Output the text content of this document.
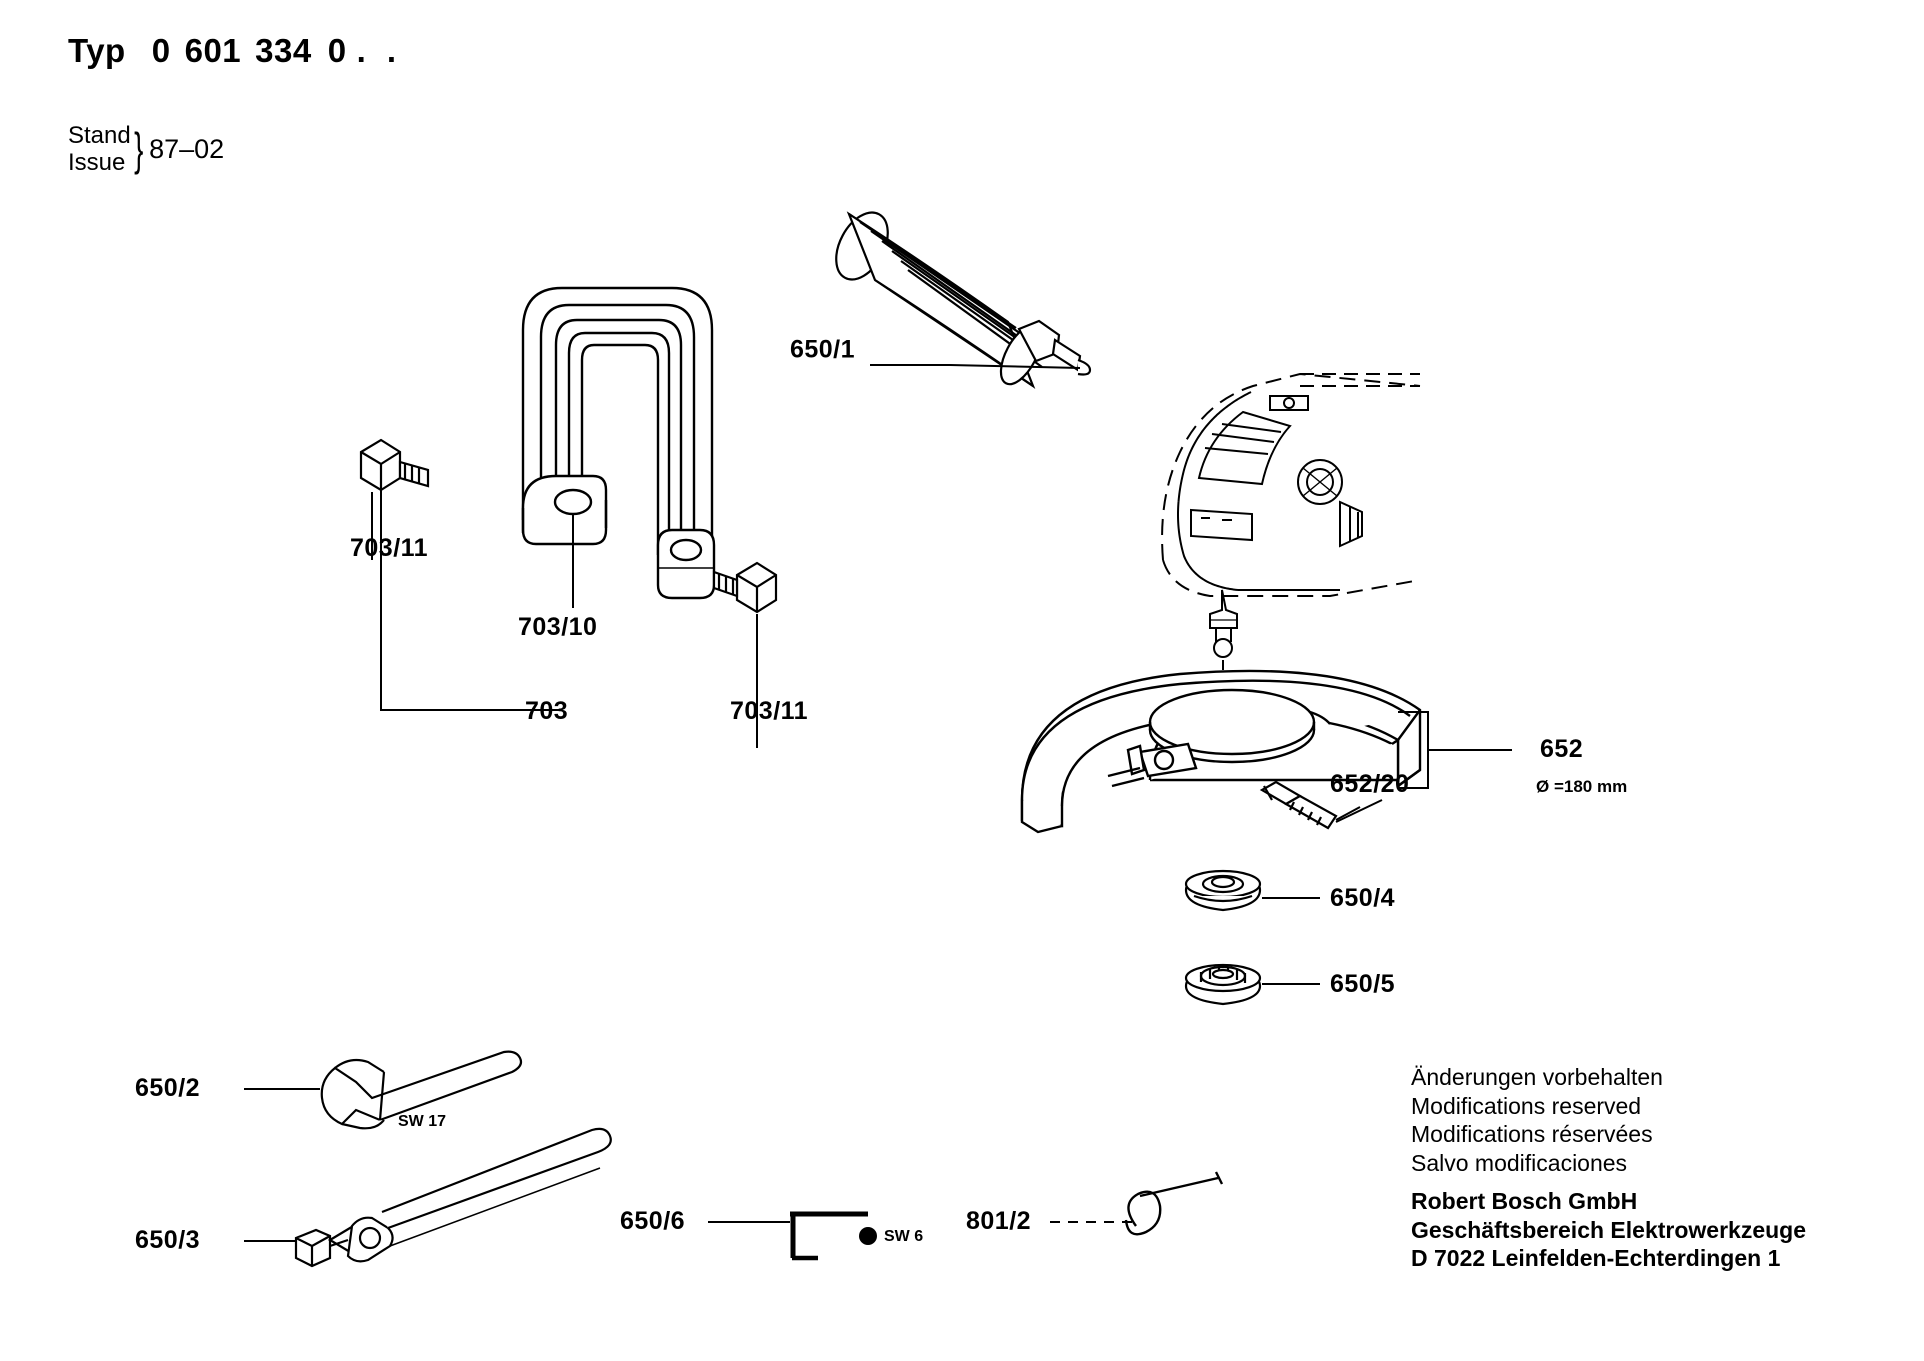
Typ 0 601 334 0 . .
Stand
Issue } 87–02
650/1
703/11
703/10
703	703/11
652
Ø =180 mm
652/20
650/4
650/5
650/2
SW 17
650/3
650/6
SW 6
801/2
Änderungen vorbehalten
Modifications reserved
Modifications réservées
Salvo modificaciones
Robert Bosch GmbH
Geschäftsbereich Elektrowerkzeuge
D 7022 Leinfelden-Echterdingen 1
